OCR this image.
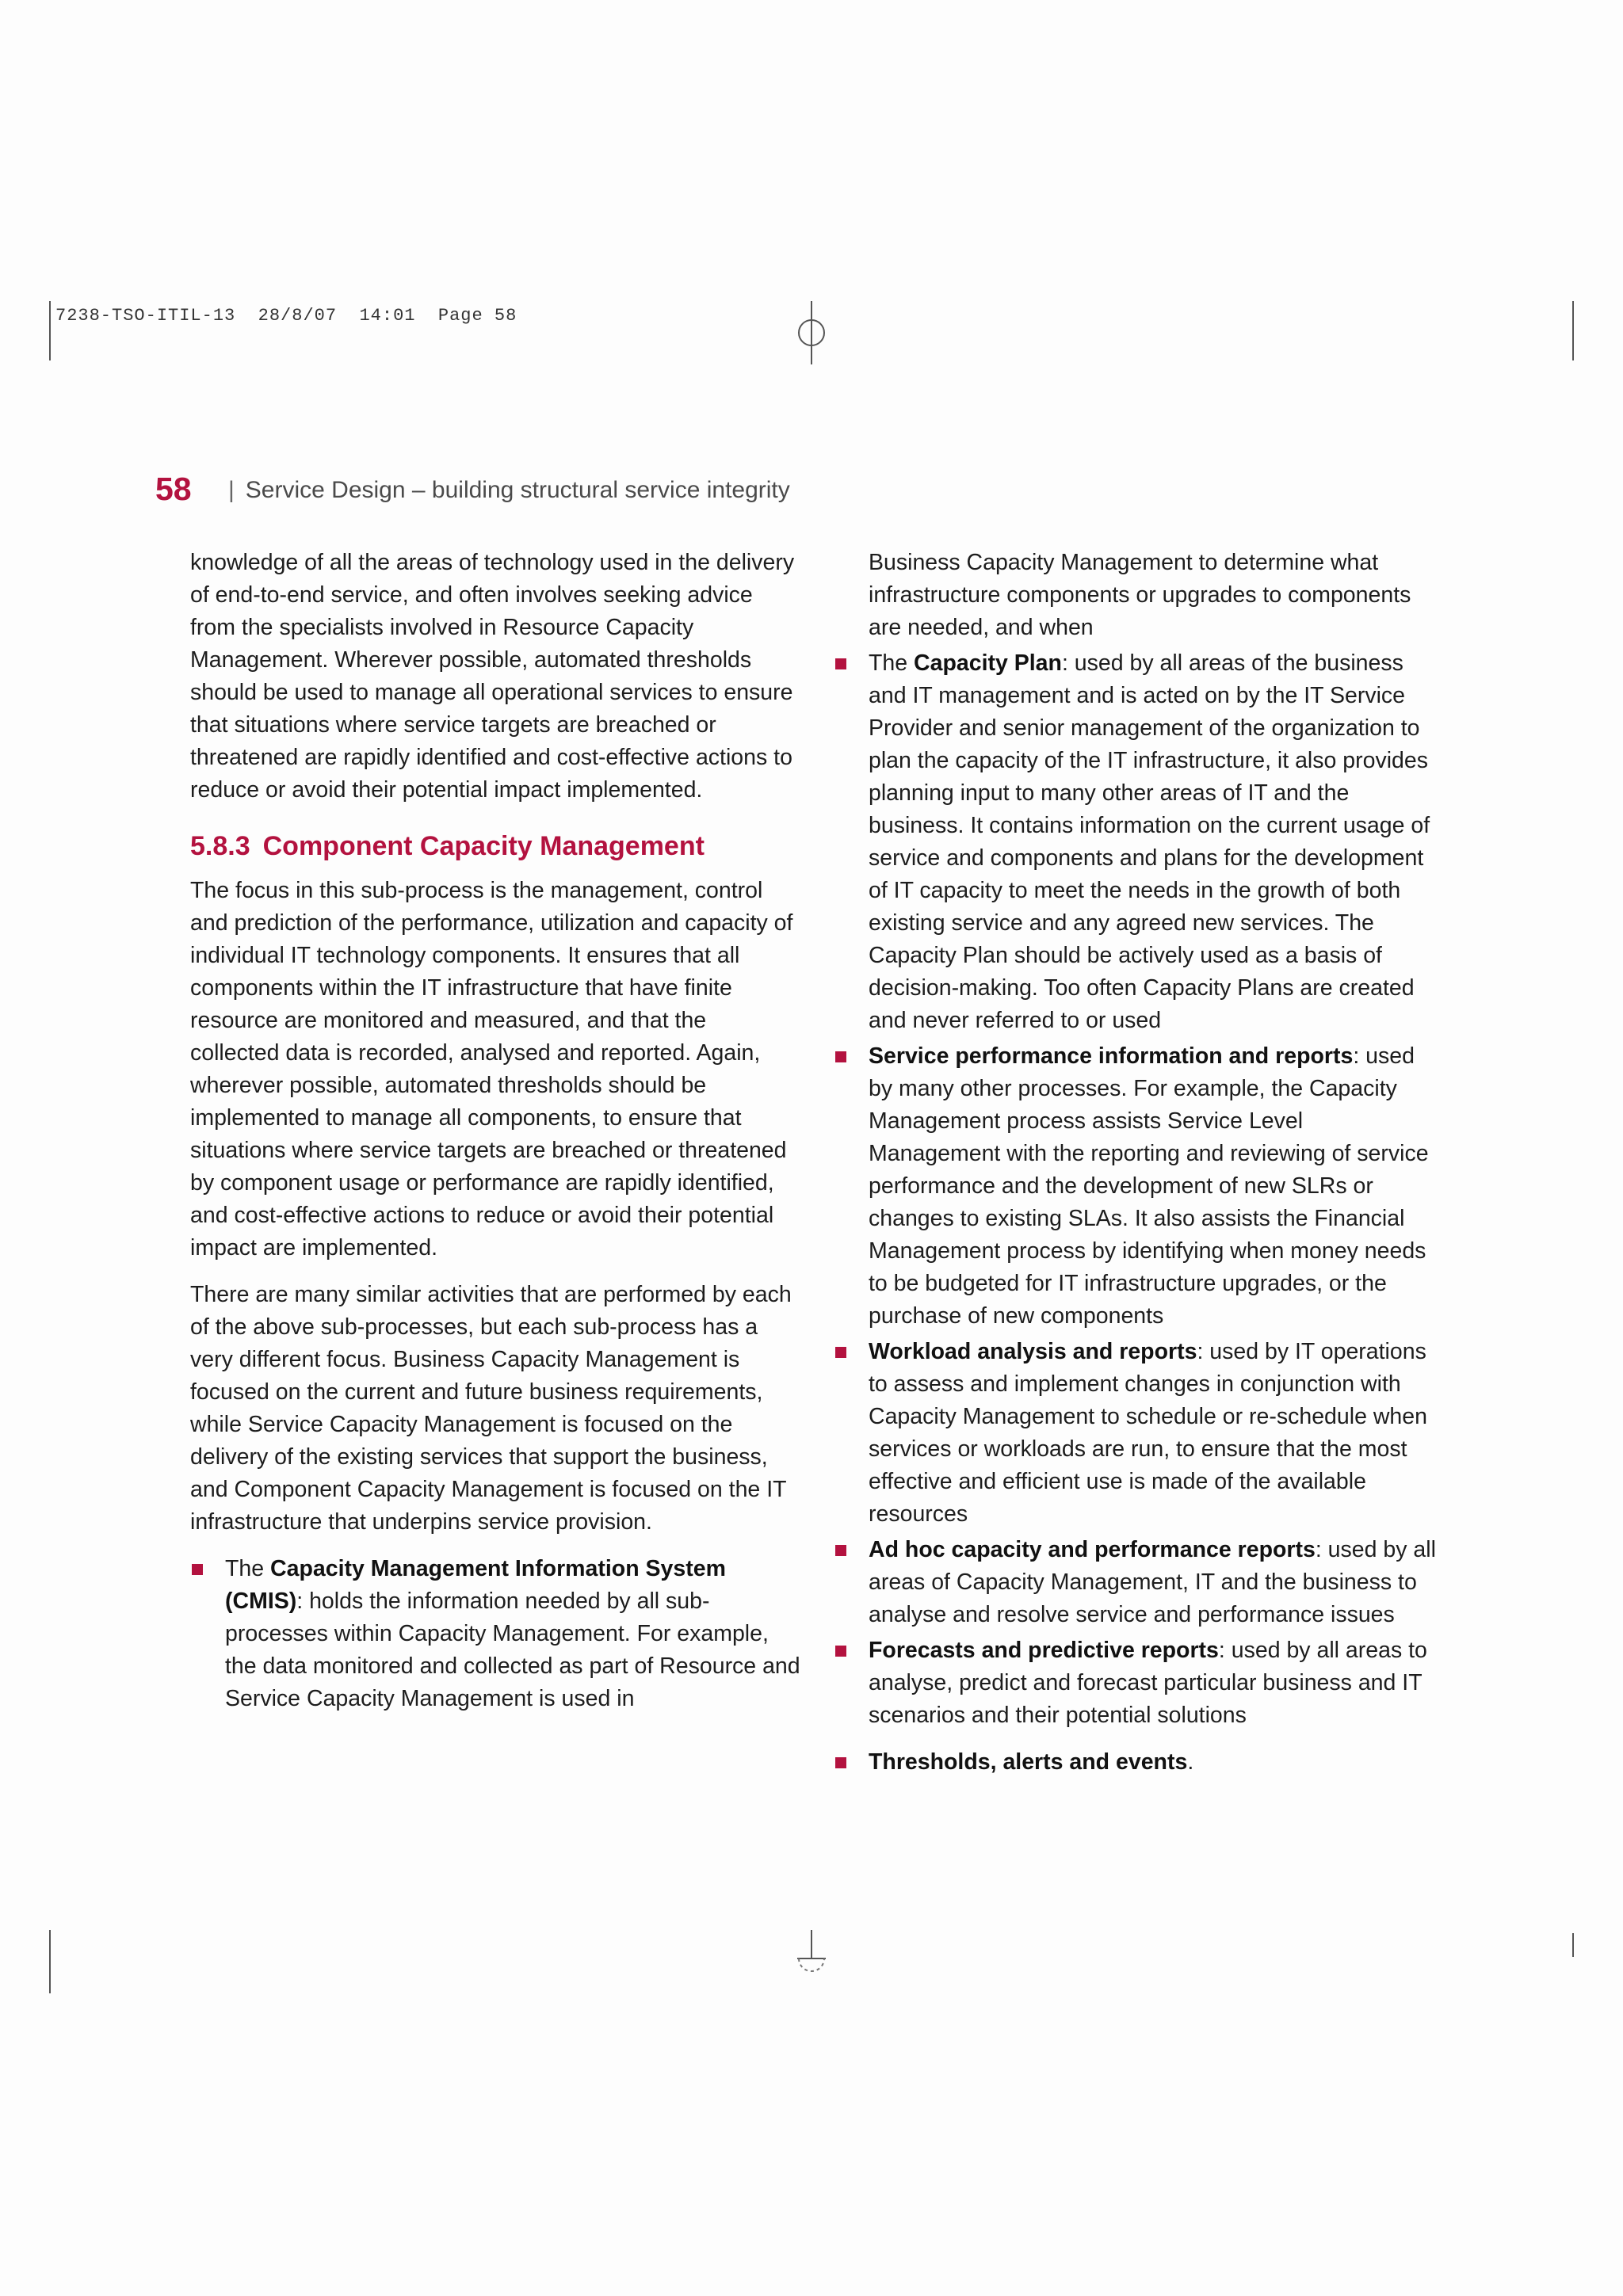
7238-TSO-ITIL-13  28/8/07  14:01  Page 58
58 | Service Design – building structural service integrity

knowledge of all the areas of technology used in the delivery of end-to-end service, and often involves seeking advice from the specialists involved in Resource Capacity Management. Wherever possible, automated thresholds should be used to manage all operational services to ensure that situations where service targets are breached or threatened are rapidly identified and cost-effective actions to reduce or avoid their potential impact implemented.

5.8.3 Component Capacity Management

The focus in this sub-process is the management, control and prediction of the performance, utilization and capacity of individual IT technology components. It ensures that all components within the IT infrastructure that have finite resource are monitored and measured, and that the collected data is recorded, analysed and reported. Again, wherever possible, automated thresholds should be implemented to manage all components, to ensure that situations where service targets are breached or threatened by component usage or performance are rapidly identified, and cost-effective actions to reduce or avoid their potential impact are implemented.

There are many similar activities that are performed by each of the above sub-processes, but each sub-process has a very different focus. Business Capacity Management is focused on the current and future business requirements, while Service Capacity Management is focused on the delivery of the existing services that support the business, and Component Capacity Management is focused on the IT infrastructure that underpins service provision.

The Capacity Management Information System (CMIS): holds the information needed by all sub-processes within Capacity Management. For example, the data monitored and collected as part of Resource and Service Capacity Management is used in

Business Capacity Management to determine what infrastructure components or upgrades to components are needed, and when

The Capacity Plan: used by all areas of the business and IT management and is acted on by the IT Service Provider and senior management of the organization to plan the capacity of the IT infrastructure, it also provides planning input to many other areas of IT and the business. It contains information on the current usage of service and components and plans for the development of IT capacity to meet the needs in the growth of both existing service and any agreed new services. The Capacity Plan should be actively used as a basis of decision-making. Too often Capacity Plans are created and never referred to or used
Service performance information and reports: used by many other processes. For example, the Capacity Management process assists Service Level Management with the reporting and reviewing of service performance and the development of new SLRs or changes to existing SLAs. It also assists the Financial Management process by identifying when money needs to be budgeted for IT infrastructure upgrades, or the purchase of new components
Workload analysis and reports: used by IT operations to assess and implement changes in conjunction with Capacity Management to schedule or re-schedule when services or workloads are run, to ensure that the most effective and efficient use is made of the available resources
Ad hoc capacity and performance reports: used by all areas of Capacity Management, IT and the business to analyse and resolve service and performance issues
Forecasts and predictive reports: used by all areas to analyse, predict and forecast particular business and IT scenarios and their potential solutions
Thresholds, alerts and events.
